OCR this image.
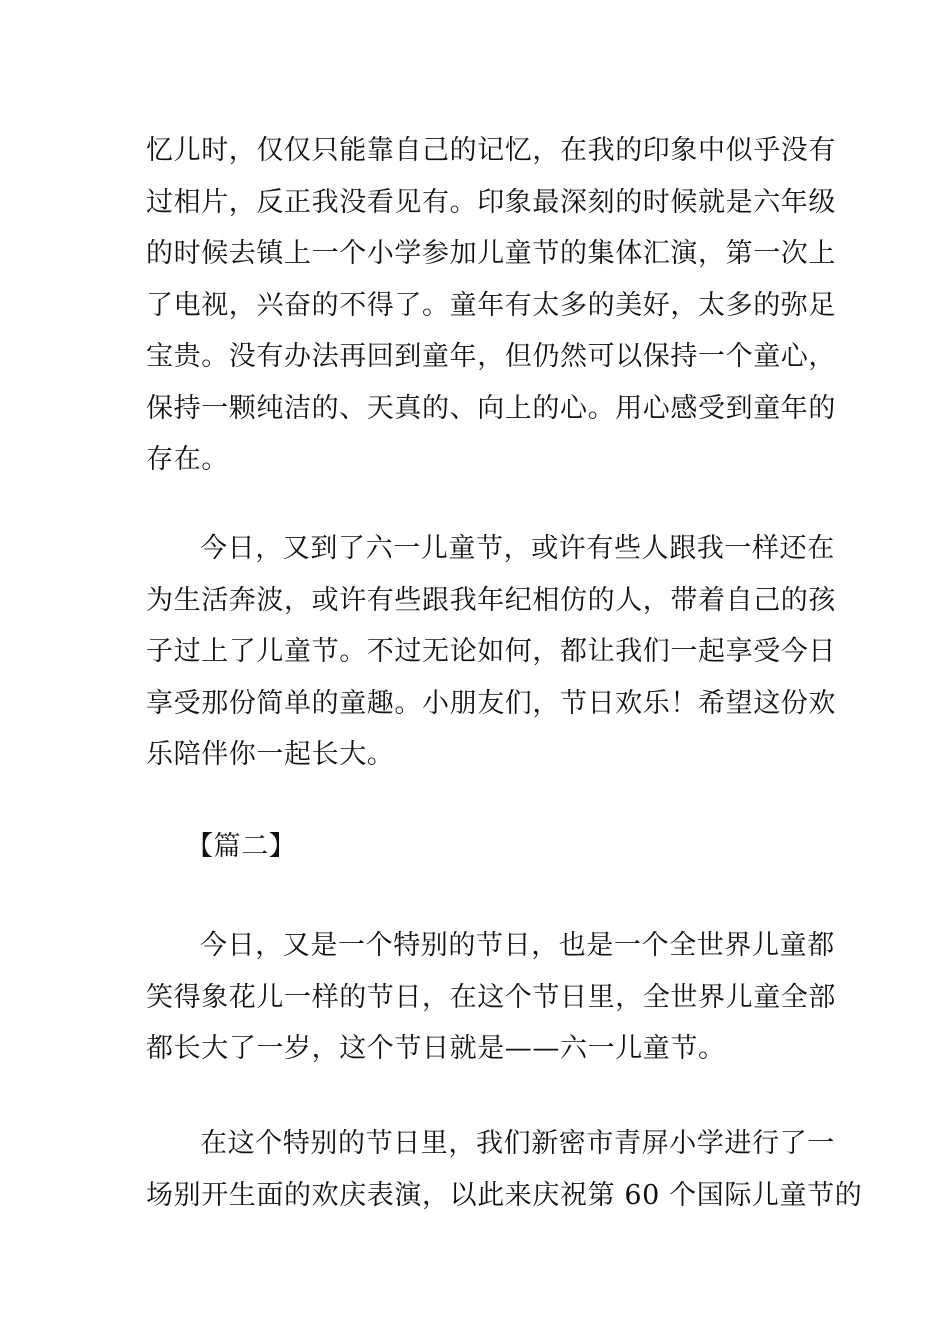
忆儿时，仅仅只能靠自己的记忆，在我的印象中似乎没有
过相片，反正我没看见有。印象最深刻的时候就是六年级
的时候去镇上一个小学参加儿童节的集体汇演，第一次上
了电视，兴奋的不得了。童年有太多的美好，太多的弥足
宝贵。没有办法再回到童年，但仍然可以保持一个童心，
保持一颗纯洁的、天真的、向上的心。用心感受到童年的
存在。
今日，又到了六一儿童节，或许有些人跟我一样还在
为生活奔波，或许有些跟我年纪相仿的人，带着自己的孩
子过上了儿童节。不过无论如何，都让我们一起享受今日
享受那份简单的童趣。小朋友们，节日欢乐！希望这份欢
乐陪伴你一起长大。
【篇二】
今日，又是一个特别的节日，也是一个全世界儿童都
笑得象花儿一样的节日，在这个节日里，全世界儿童全部
都长大了一岁，这个节日就是——六一儿童节。
在这个特别的节日里，我们新密市青屏小学进行了一
场别开生面的欢庆表演，以此来庆祝第 60 个国际儿童节的
